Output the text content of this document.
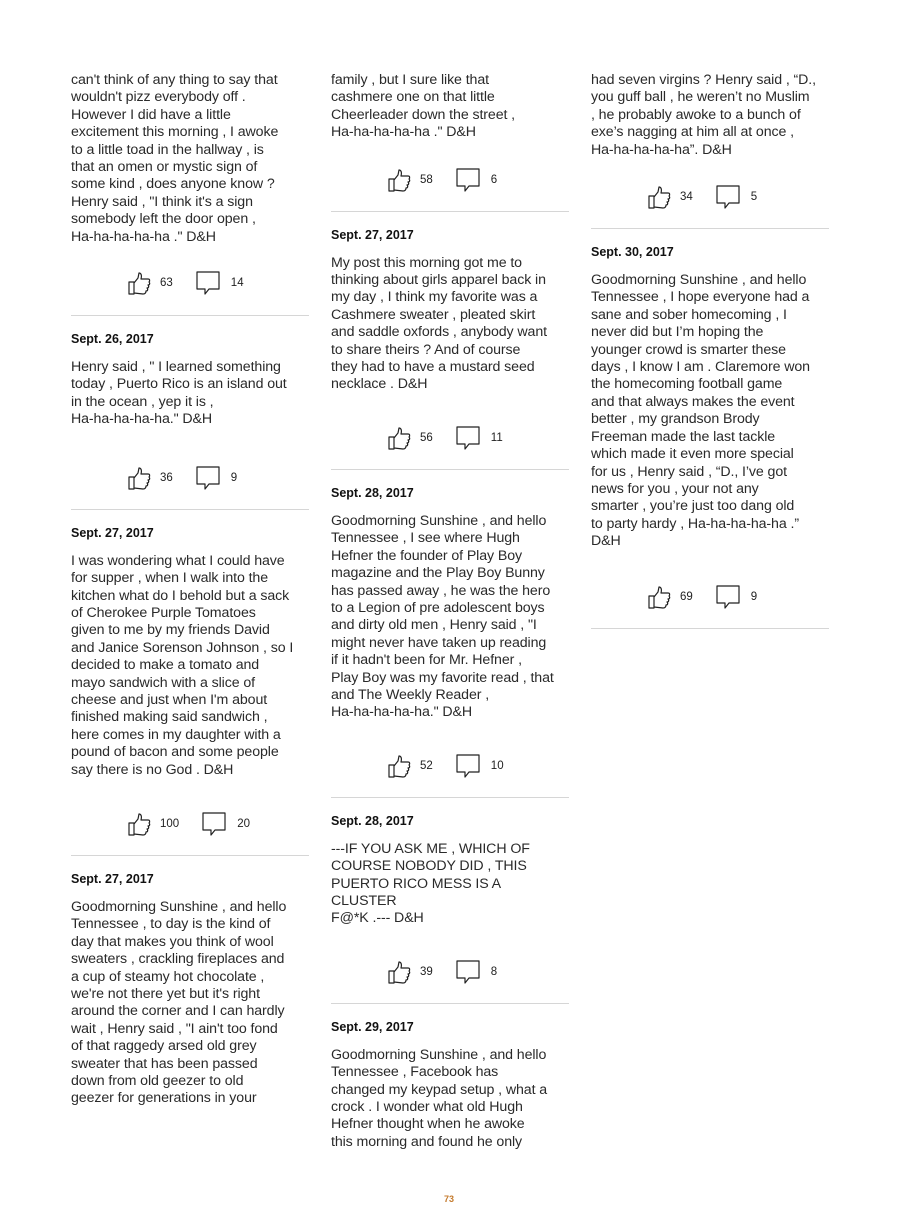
can't think of any thing to say that
wouldn't pizz everybody off .
However I did have a little
excitement this morning , I awoke
to a little toad in the hallway , is
that an omen or mystic sign of
some kind , does anyone know ?
Henry said , "I think it's a sign
somebody left the door open ,
Ha-ha-ha-ha-ha ." D&H

63	14

Sept. 26, 2017

Henry said , " I learned something
today , Puerto Rico is an island out
in the ocean , yep it is ,
Ha-ha-ha-ha-ha." D&H

36	9

Sept. 27, 2017

I was wondering what I could have
for supper , when I walk into the
kitchen what do I behold but a sack
of Cherokee Purple Tomatoes
given to me by my friends David
and Janice Sorenson Johnson , so I
decided to make a tomato and
mayo sandwich with a slice of
cheese and just when I'm about
finished making said sandwich ,
here comes in my daughter with a
pound of bacon and some people
say there is no God . D&H

100	20

Sept. 27, 2017

Goodmorning Sunshine , and hello
Tennessee , to day is the kind of
day that makes you think of wool
sweaters , crackling fireplaces and
a cup of steamy hot chocolate ,
we're not there yet but it's right
around the corner and I can hardly
wait , Henry said , "I ain't too fond
of that raggedy arsed old grey
sweater that has been passed
down from old geezer to old
geezer for generations in your

family , but I sure like that
cashmere one on that little
Cheerleader down the street ,
Ha-ha-ha-ha-ha ." D&H

58	6

Sept. 27, 2017

My post this morning got me to
thinking about girls apparel back in
my day , I think my favorite was a
Cashmere sweater , pleated skirt
and saddle oxfords , anybody want
to share theirs ? And of course
they had to have a mustard seed
necklace . D&H

56	11

Sept. 28, 2017

Goodmorning Sunshine , and hello
Tennessee , I see where Hugh
Hefner the founder of Play Boy
magazine and the Play Boy Bunny
has passed away , he was the hero
to a Legion of pre adolescent boys
and dirty old men , Henry said , "I
might never have taken up reading
if it hadn't been for Mr. Hefner ,
Play Boy was my favorite read , that
and The Weekly Reader ,
Ha-ha-ha-ha-ha." D&H

52	10

Sept. 28, 2017

---IF YOU ASK ME , WHICH OF
COURSE NOBODY DID , THIS
PUERTO RICO MESS IS A CLUSTER
F@*K .--- D&H

39	8

Sept. 29, 2017

Goodmorning Sunshine , and hello
Tennessee , Facebook has
changed my keypad setup , what a
crock . I wonder what old Hugh
Hefner thought when he awoke
this morning and found he only

had seven virgins ? Henry said , “D.,
you guff ball , he weren’t no Muslim
, he probably awoke to a bunch of
exe’s nagging at him all at once ,
Ha-ha-ha-ha-ha”. D&H

34	5

Sept. 30, 2017

Goodmorning Sunshine , and hello
Tennessee , I hope everyone had a
sane and sober homecoming , I
never did but I’m hoping the
younger crowd is smarter these
days , I know I am . Claremore won
the homecoming football game
and that always makes the event
better , my grandson Brody
Freeman made the last tackle
which made it even more special
for us , Henry said , “D., I’ve got
news for you , your not any
smarter , you’re just too dang old
to party hardy , Ha-ha-ha-ha-ha .”
D&H

69	9
73
